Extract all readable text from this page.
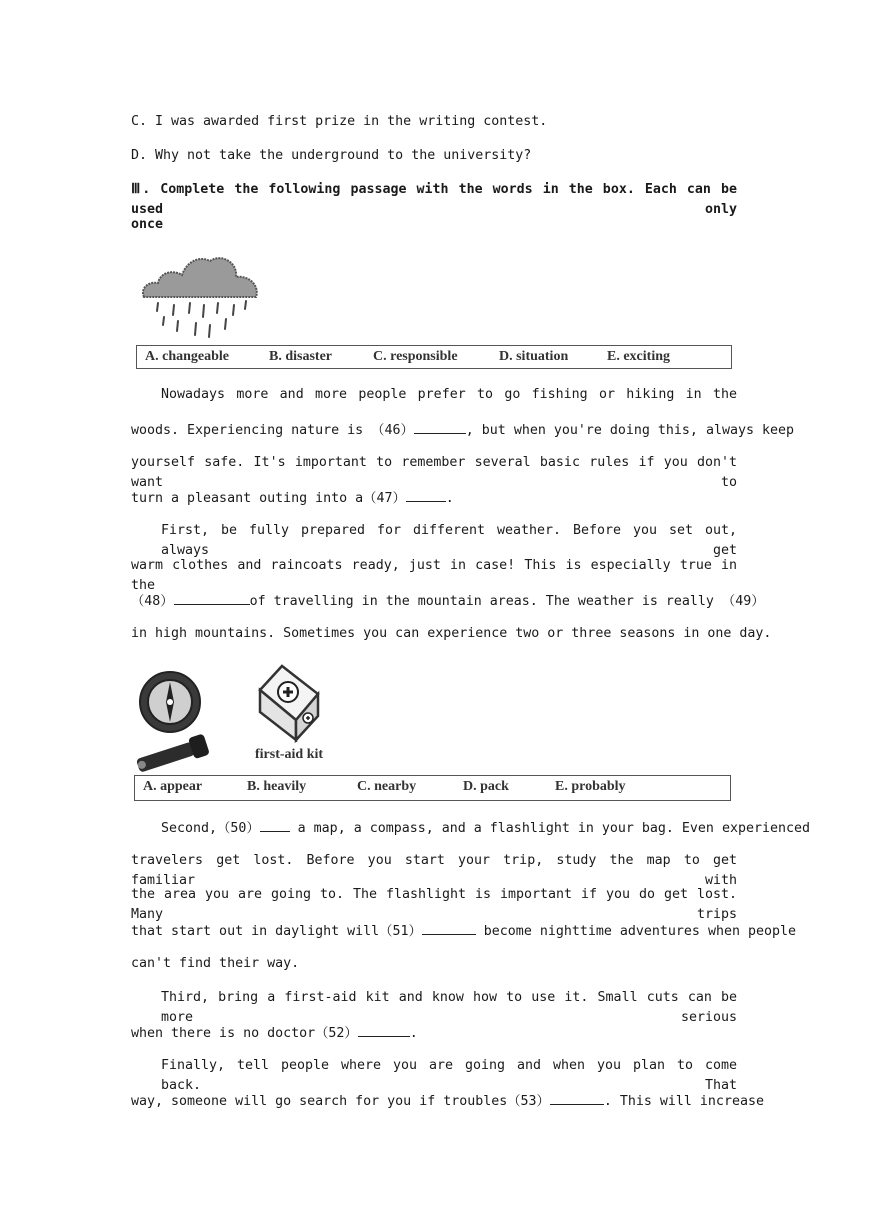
C. I was awarded first prize in the writing contest.
D. Why not take the underground to the university?
Ⅲ. Complete the following passage with the words in the box. Each can be used only
once
A. changeable	B. disaster	C. responsible	D. situation	E. exciting
Nowadays more and more people prefer to go fishing or hiking in the
woods. Experiencing nature is （46）	, but when you're doing this, always keep
yourself safe. It's important to remember several basic rules if you don't want to
turn a pleasant outing into a（47）	.
First, be fully prepared for different weather. Before you set out, always get
warm clothes and raincoats ready, just in case! This is especially true in the
（48）	of travelling in the mountain areas. The weather is really （49）
in high mountains. Sometimes you can experience two or three seasons in one day.
first-aid kit
A. appear	B. heavily	C. nearby	D. pack	E. probably
Second,（50） a map, a compass, and a flashlight in your bag. Even experienced
travelers get lost. Before you start your trip, study the map to get familiar with
the area you are going to. The flashlight is important if you do get lost. Many trips
that start out in daylight will（51）	become nighttime adventures when people
can't find their way.
Third, bring a first-aid kit and know how to use it. Small cuts can be more serious
when there is no doctor（52）	.
Finally, tell people where you are going and when you plan to come back. That
way, someone will go search for you if troubles（53）	. This will increase
